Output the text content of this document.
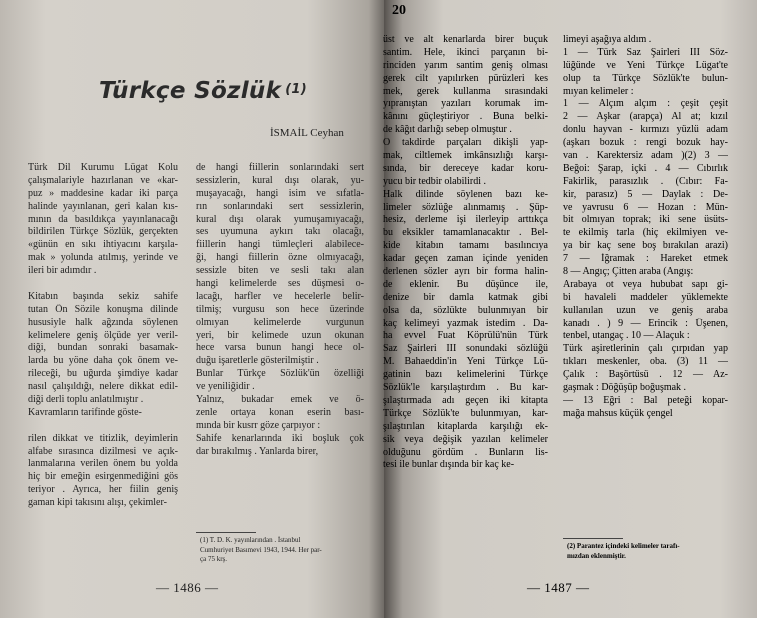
Türkçe Sözlük $^{(1)}$
İSMAİL Ceyhan
Türk Dil Kurumu Lügat Kolu
çalışmalariyle hazırlanan ve «kar-
puz » maddesine kadar iki parça
halinde yayınlanan, geri kalan kıs-
mının da basıldıkça yayınlanacağı
bildirilen Türkçe Sözlük, gerçekten
«günün en sıkı ihtiyacını karşıla-
mak » yolunda atılmış, yerinde ve
ileri bir adımdır .
Kitabın başında sekiz sahife
tutan Ön Sözile konuşma dilinde
hususiyle halk ağzında söylenen
kelimelere geniş ölçüde yer veril-
diği, bundan sonraki basamak-
larda bu yöne daha çok önem ve-
rileceği, bu uğurda şimdiye kadar
nasıl çalışıldığı, nelere dikkat edil-
diği derli toplu anlatılmıştır .
Kavramların tarifinde göste-
rilen dikkat ve titizlik, deyimlerin
alfabe sırasınca dizilmesi ve açık-
lanmalarına verilen önem bu yolda
hiç bir emeğin esirgenmediğini gös
teriyor . Ayrıca, her fiilin geniş
gaman kipi takısını alışı, çekimler-
de hangi fiillerin sonlarındaki sert
sessizlerin, kural dışı olarak, yu-
muşayacağı, hangi isim ve sıfatla-
rın sonlarındaki sert sessizlerin,
kural dışı olarak yumuşamıyacağı,
ses uyumuna aykırı takı olacağı,
fiillerin hangi tümleçleri alabilece-
ği, hangi fiillerin özne olmıyacağı,
sessizle biten ve sesli takı alan
hangi kelimelerde ses düşmesi o-
lacağı, harfler ve hecelerle belir-
tilmiş; vurgusu son hece üzerinde
olmıyan kelimelerde vurgunun
yeri, bir kelimede uzun okunan
hece varsa bunun hangi hece ol-
duğu işaretlerle gösterilmiştir .
Bunlar Türkçe Sözlük'ün özelliği
ve yeniliğidir .
Yalnız, bukadar emek ve ö-
zenle ortaya konan eserin bası-
mında bir kusrr göze çarpıyor :
Sahife kenarlarında iki boşluk çok
dar bırakılmış . Yanlarda birer,
(1) T. D. K. yayınlarından . İstanbul
Cumhuriyet Basımevi 1943, 1944. Her par-
ça 75 krş.
— 1486 —
20
üst ve alt kenarlarda birer buçuk
santim. Hele, ikinci parçanın bi-
rinciden yarım santim geniş olması
gerek cilt yapılırken pürüzleri kes
mek, gerek kullanma sırasındaki
yıpranıştan yazıları korumak im-
kânını güçleştiriyor . Buna belki-
de kâğıt darlığı sebep olmuştur .
O takdirde parçaları dikişli yap-
mak, ciltlemek imkânsızlığı karşı-
sında, bir dereceye kadar koru-
yucu bir tedbir olabilirdi .
Halk dilinde söylenen bazı ke-
limeler sözlüğe alınmamış . Şüp-
hesiz, derleme işi ilerleyip arttıkça
bu eksikler tamamlanacaktır . Bel-
kide kitabın tamamı basılıncıya
kadar geçen zaman içinde yeniden
derlenen sözler ayrı bir forma halin-
de eklenir. Bu düşünce ile,
denize bir damla katmak gibi
olsa da, sözlükte bulunmıyan bir
kaç kelimeyi yazmak istedim . Da-
ha evvel Fuat Köprülü'nün Türk
Saz Şairleri III sonundaki sözlüğü
M. Bahaeddin'in Yeni Türkçe Lü-
gatinin bazı kelimelerini Türkçe
Sözlük'le karşılaştırdım . Bu kar-
şılaştırmada adı geçen iki kitapta
Türkçe Sözlük'te bulunmıyan, kar-
şılaştırılan kitaplarda karşılığı ek-
sik veya değişik yazılan kelimeler
olduğunu gördüm . Bunların lis-
tesi ile bunlar dışında bir kaç ke-
limeyi aşağıya aldım .
1 — Türk Saz Şairleri III Söz-
lüğünde ve Yeni Türkçe Lügat'te
olup ta Türkçe Sözlük'te bulun-
mıyan kelimeler :
1 — Alçım alçım : çeşit çeşit
2 — Aşkar (arapça) Al at; kızıl
donlu hayvan - kırmızı yüzlü adam
(aşkarı bozuk : rengi bozuk hay-
van . Karektersiz adam )(2) 3 —
Beğoi: Şarap, içki . 4 — Cıbırlık
Fakirlik, parasızlık . (Cıbır: Fa-
kir, parasız) 5 — Daylak : De-
ve yavrusu 6 — Hozan : Mün-
bit olmıyan toprak; iki sene üsüts-
te ekilmiş tarla (hiç ekilmiyen ve-
ya bir kaç sene boş bırakılan arazi)
7 — İğramak : Hareket etmek
8 — Angıç; Çitten araba (Angış:
Arabaya ot veya hububat sapı gi-
bi havaleli maddeler yüklemekte
kullanılan uzun ve geniş araba
kanadı . ) 9 — Erincik : Üşenen,
tenbel, utangaç . 10 — Alaçuk :
Türk aşiretlerinin çalı çırpıdan yap
tıkları meskenler, oba. (3) 11 —
Çalık : Başörtüsü . 12 — Az-
gaşmak : Döğüşüp boğuşmak .
— 13 Eğri : Bal peteği kopar-
mağa mahsus küçük çengel
(2) Parantez içindeki kelimeler tarafı-
mızdan eklenmiştir.
— 1487 —
